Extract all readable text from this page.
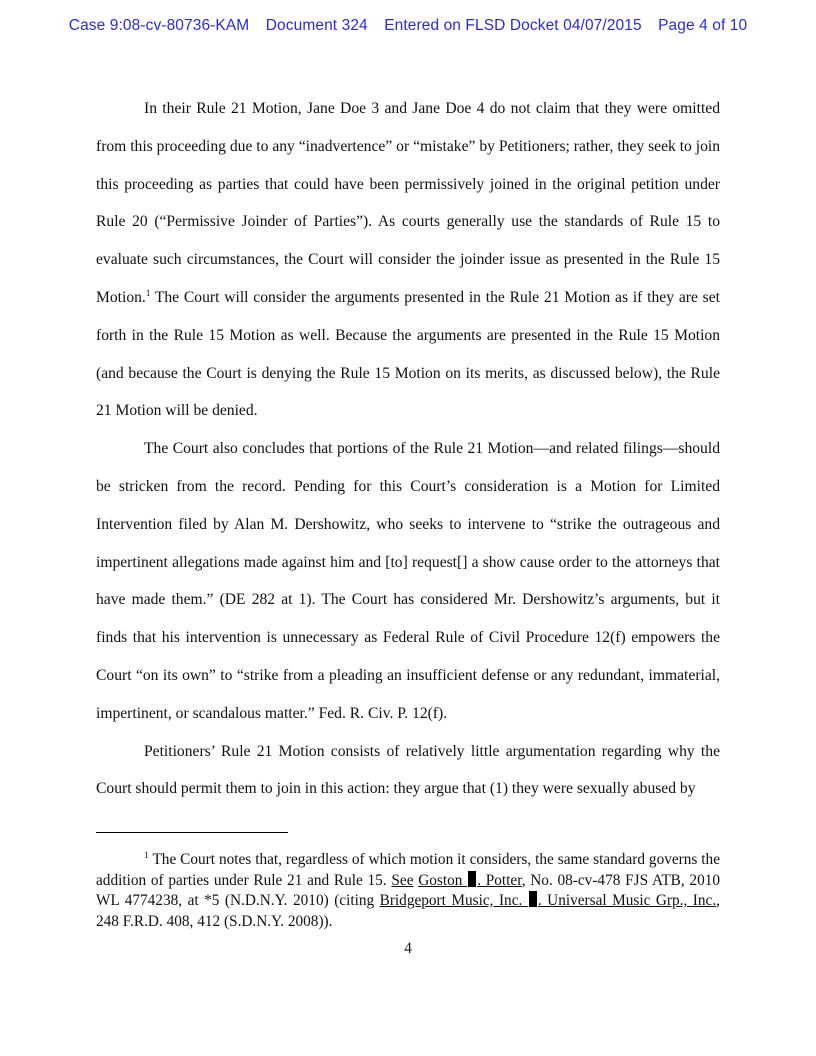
Case 9:08-cv-80736-KAM Document 324 Entered on FLSD Docket 04/07/2015 Page 4 of 10

In their Rule 21 Motion, Jane Doe 3 and Jane Doe 4 do not claim that they were omitted from this proceeding due to any “inadvertence” or “mistake” by Petitioners; rather, they seek to join this proceeding as parties that could have been permissively joined in the original petition under Rule 20 (“Permissive Joinder of Parties”). As courts generally use the standards of Rule 15 to evaluate such circumstances, the Court will consider the joinder issue as presented in the Rule 15 Motion.$^1$ The Court will consider the arguments presented in the Rule 21 Motion as if they are set forth in the Rule 15 Motion as well. Because the arguments are presented in the Rule 15 Motion (and because the Court is denying the Rule 15 Motion on its merits, as discussed below), the Rule 21 Motion will be denied.

The Court also concludes that portions of the Rule 21 Motion—and related filings—should be stricken from the record. Pending for this Court’s consideration is a Motion for Limited Intervention filed by Alan M. Dershowitz, who seeks to intervene to “strike the outrageous and impertinent allegations made against him and [to] request[] a show cause order to the attorneys that have made them.” (DE 282 at 1). The Court has considered Mr. Dershowitz’s arguments, but it finds that his intervention is unnecessary as Federal Rule of Civil Procedure 12(f) empowers the Court “on its own” to “strike from a pleading an insufficient defense or any redundant, immaterial, impertinent, or scandalous matter.” Fed. R. Civ. P. 12(f).

Petitioners’ Rule 21 Motion consists of relatively little argumentation regarding why the Court should permit them to join in this action: they argue that (1) they were sexually abused by

$^1$ The Court notes that, regardless of which motion it considers, the same standard governs the addition of parties under Rule 21 and Rule 15. See Goston . Potter, No. 08-cv-478 FJS ATB, 2010 WL 4774238, at *5 (N.D.N.Y. 2010) (citing Bridgeport Music, Inc. . Universal Music Grp., Inc., 248 F.R.D. 408, 412 (S.D.N.Y. 2008)).

4
